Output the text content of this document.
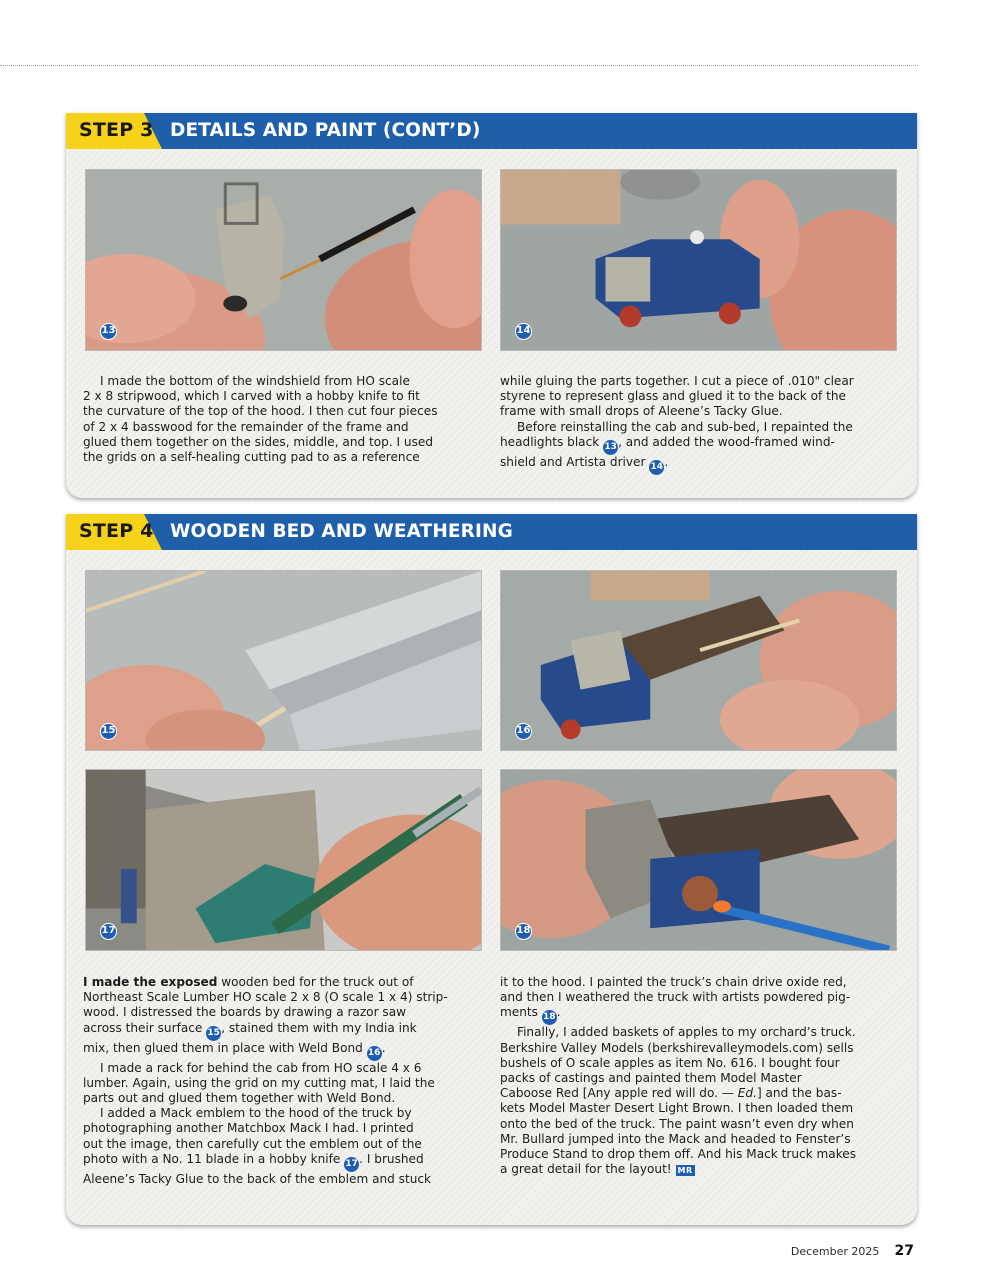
STEP 3 DETAILS AND PAINT (CONT’D)
13	14
I made the bottom of the windshield from HO scale
2 x 8 stripwood, which I carved with a hobby knife to fit
the curvature of the top of the hood. I then cut four pieces
of 2 x 4 basswood for the remainder of the frame and
glued them together on the sides, middle, and top. I used
the grids on a self-healing cutting pad to as a reference
while gluing the parts together. I cut a piece of .010" clear
styrene to represent glass and glued it to the back of the
frame with small drops of Aleene’s Tacky Glue.
Before reinstalling the cab and sub-bed, I repainted the
headlights black 13, and added the wood-framed wind-
shield and Artista driver 14.
STEP 4 WOODEN BED AND WEATHERING
15	16
17	18
I made the exposed wooden bed for the truck out of
Northeast Scale Lumber HO scale 2 x 8 (O scale 1 x 4) strip-
wood. I distressed the boards by drawing a razor saw
across their surface 15, stained them with my India ink
mix, then glued them in place with Weld Bond 16.
I made a rack for behind the cab from HO scale 4 x 6
lumber. Again, using the grid on my cutting mat, I laid the
parts out and glued them together with Weld Bond.
I added a Mack emblem to the hood of the truck by
photographing another Matchbox Mack I had. I printed
out the image, then carefully cut the emblem out of the
photo with a No. 11 blade in a hobby knife 17. I brushed
Aleene’s Tacky Glue to the back of the emblem and stuck
it to the hood. I painted the truck’s chain drive oxide red,
and then I weathered the truck with artists powdered pig-
ments 18.
Finally, I added baskets of apples to my orchard’s truck.
Berkshire Valley Models (berkshirevalleymodels.com) sells
bushels of O scale apples as item No. 616. I bought four
packs of castings and painted them Model Master
Caboose Red [Any apple red will do. — Ed.] and the bas-
kets Model Master Desert Light Brown. I then loaded them
onto the bed of the truck. The paint wasn’t even dry when
Mr. Bullard jumped into the Mack and headed to Fenster’s
Produce Stand to drop them off. And his Mack truck makes
a great detail for the layout! MR
December 2025 27
